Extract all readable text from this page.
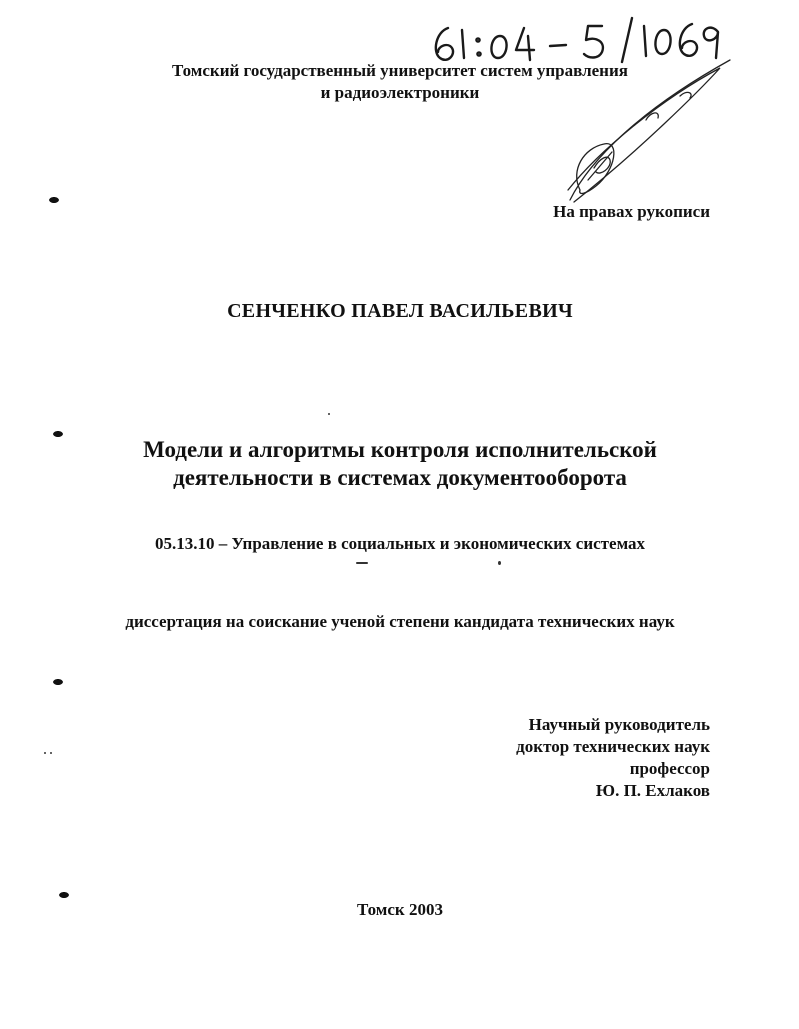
Томский государственный университет систем управления
и радиоэлектроники
На правах рукописи
СЕНЧЕНКО ПАВЕЛ ВАСИЛЬЕВИЧ
Модели и алгоритмы контроля исполнительской
деятельности в системах документооборота
05.13.10 – Управление в социальных и экономических системах
диссертация на соискание ученой степени кандидата технических наук
Научный руководитель
доктор технических наук
профессор
Ю. П. Ехлаков
Томск 2003
